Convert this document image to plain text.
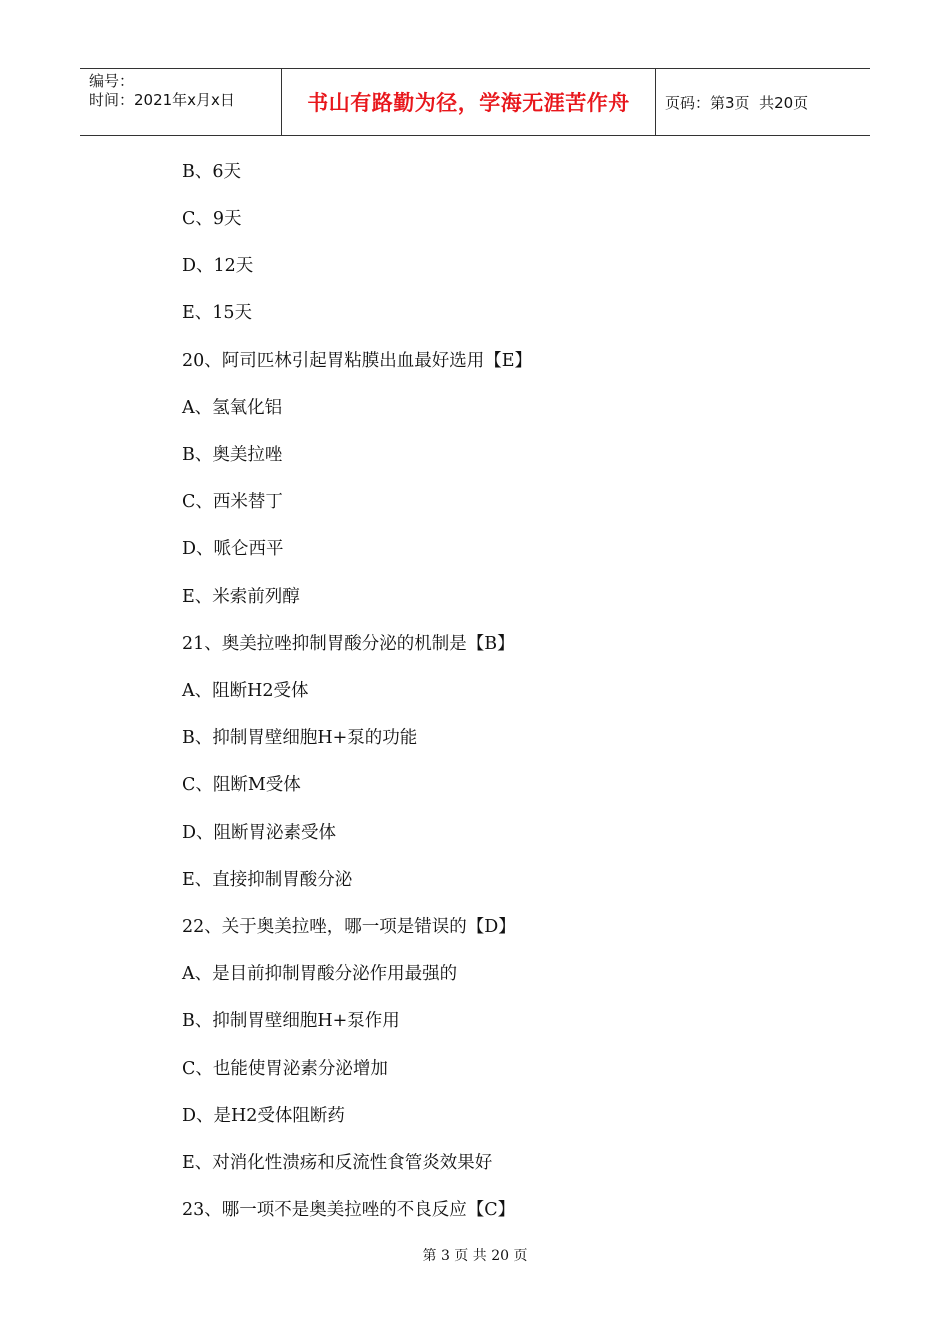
编号：
时间：2021年x月x日	书山有路勤为径，学海无涯苦作舟	页码：第3页  共20页
B、6天
C、9天
D、12天
E、15天
20、阿司匹林引起胃粘膜出血最好选用【E】
A、氢氧化铝
B、奥美拉唑
C、西米替丁
D、哌仑西平
E、米索前列醇
21、奥美拉唑抑制胃酸分泌的机制是【B】
A、阻断H2受体
B、抑制胃壁细胞H+泵的功能
C、阻断M受体
D、阻断胃泌素受体
E、直接抑制胃酸分泌
22、关于奥美拉唑，哪一项是错误的【D】
A、是目前抑制胃酸分泌作用最强的
B、抑制胃壁细胞H+泵作用
C、也能使胃泌素分泌增加
D、是H2受体阻断药
E、对消化性溃疡和反流性食管炎效果好
23、哪一项不是奥美拉唑的不良反应【C】
第 3 页 共 20 页
